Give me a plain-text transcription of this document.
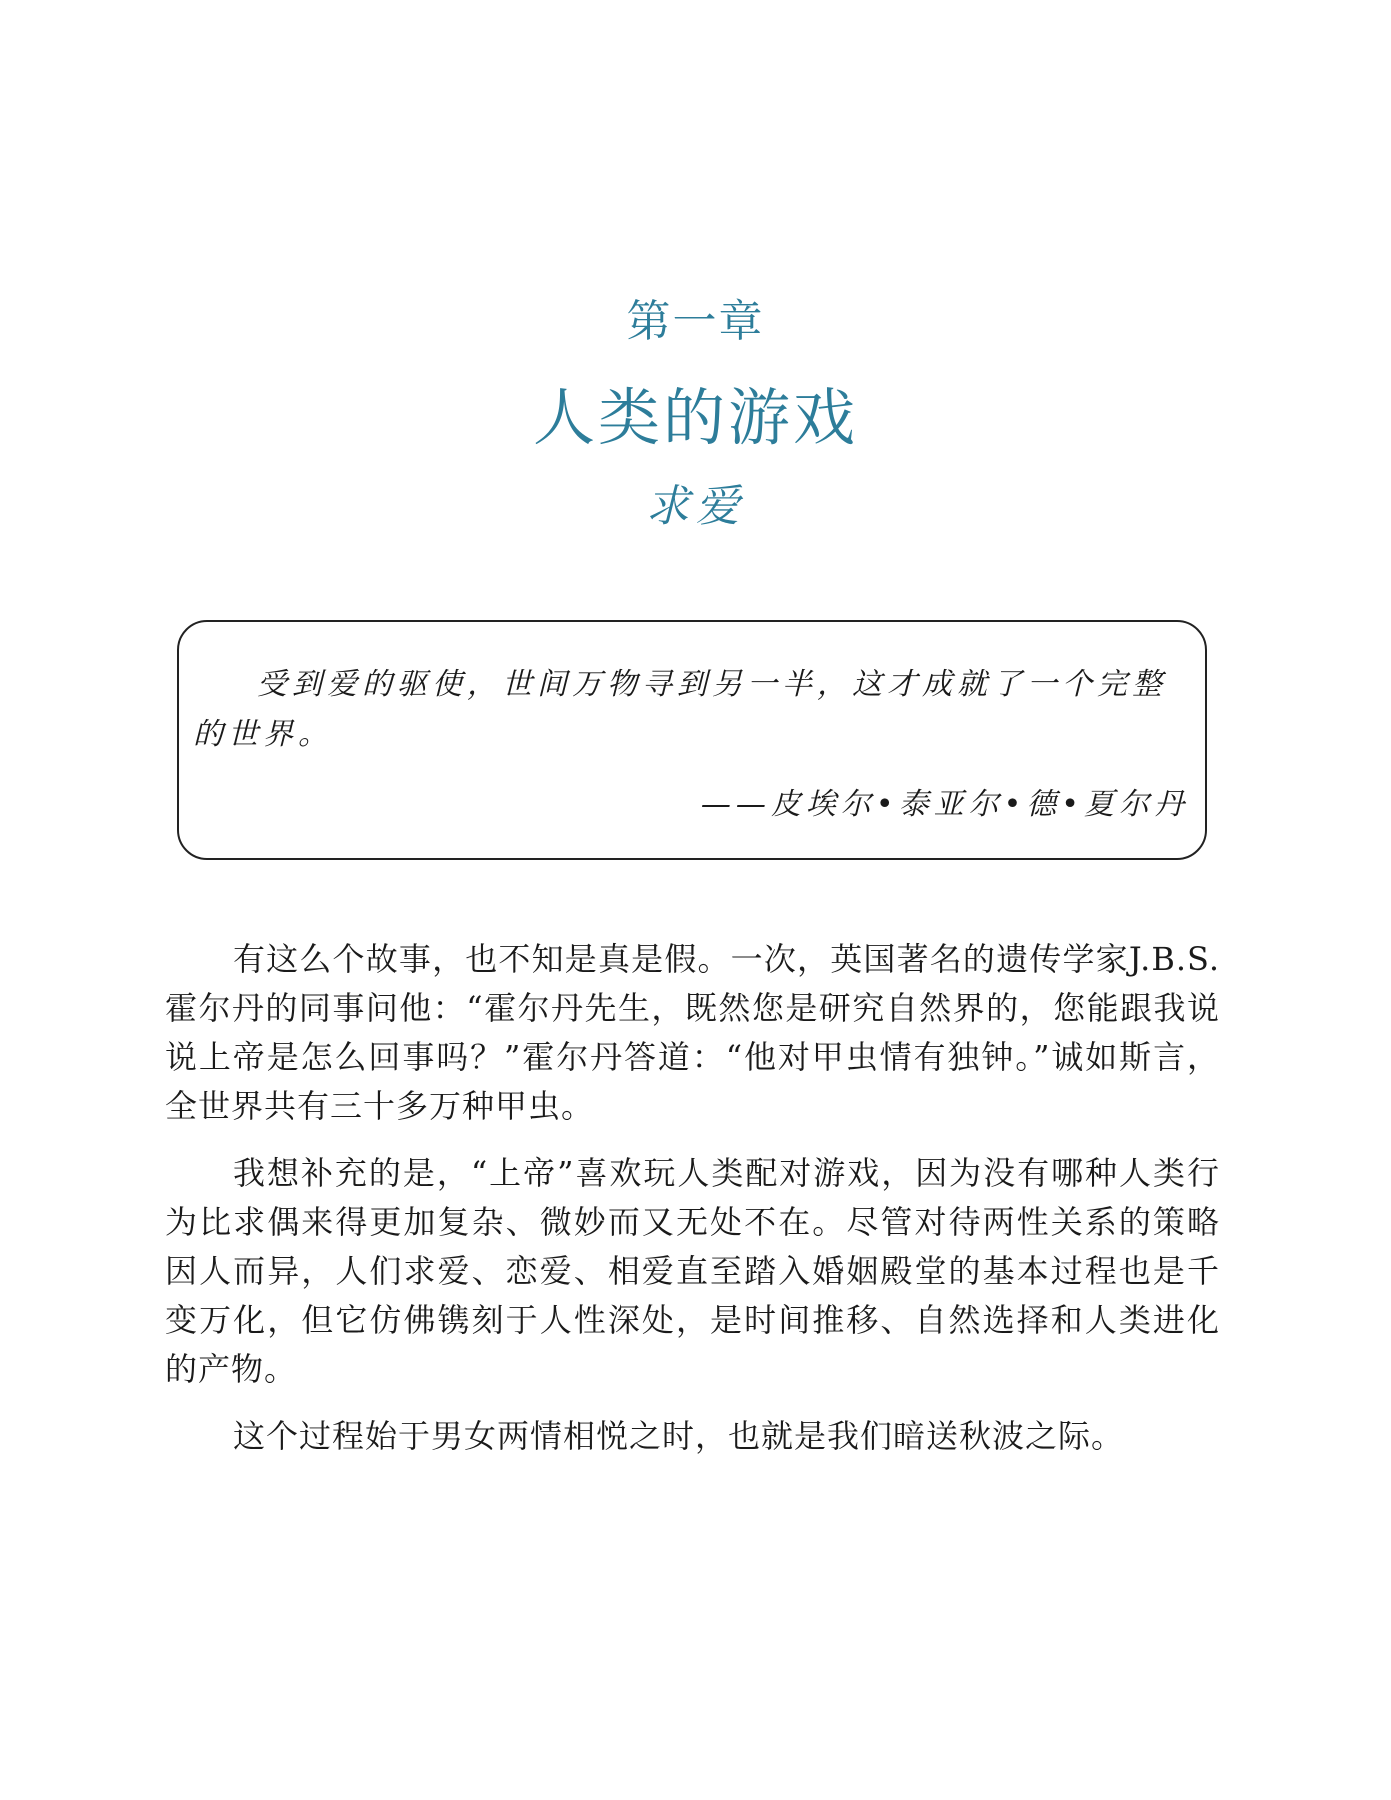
第一章
人类的游戏
求爱

受到爱的驱使，世间万物寻到另一半，这才成就了一个完整的世界。

——皮埃尔•泰亚尔•德•夏尔丹

有这么个故事，也不知是真是假。一次，英国著名的遗传学家J.B.S.霍尔丹的同事问他：“霍尔丹先生，既然您是研究自然界的，您能跟我说说上帝是怎么回事吗？”霍尔丹答道：“他对甲虫情有独钟。”诚如斯言，全世界共有三十多万种甲虫。

我想补充的是，“上帝”喜欢玩人类配对游戏，因为没有哪种人类行为比求偶来得更加复杂、微妙而又无处不在。尽管对待两性关系的策略因人而异，人们求爱、恋爱、相爱直至踏入婚姻殿堂的基本过程也是千变万化，但它仿佛镌刻于人性深处，是时间推移、自然选择和人类进化的产物。

这个过程始于男女两情相悦之时，也就是我们暗送秋波之际。
